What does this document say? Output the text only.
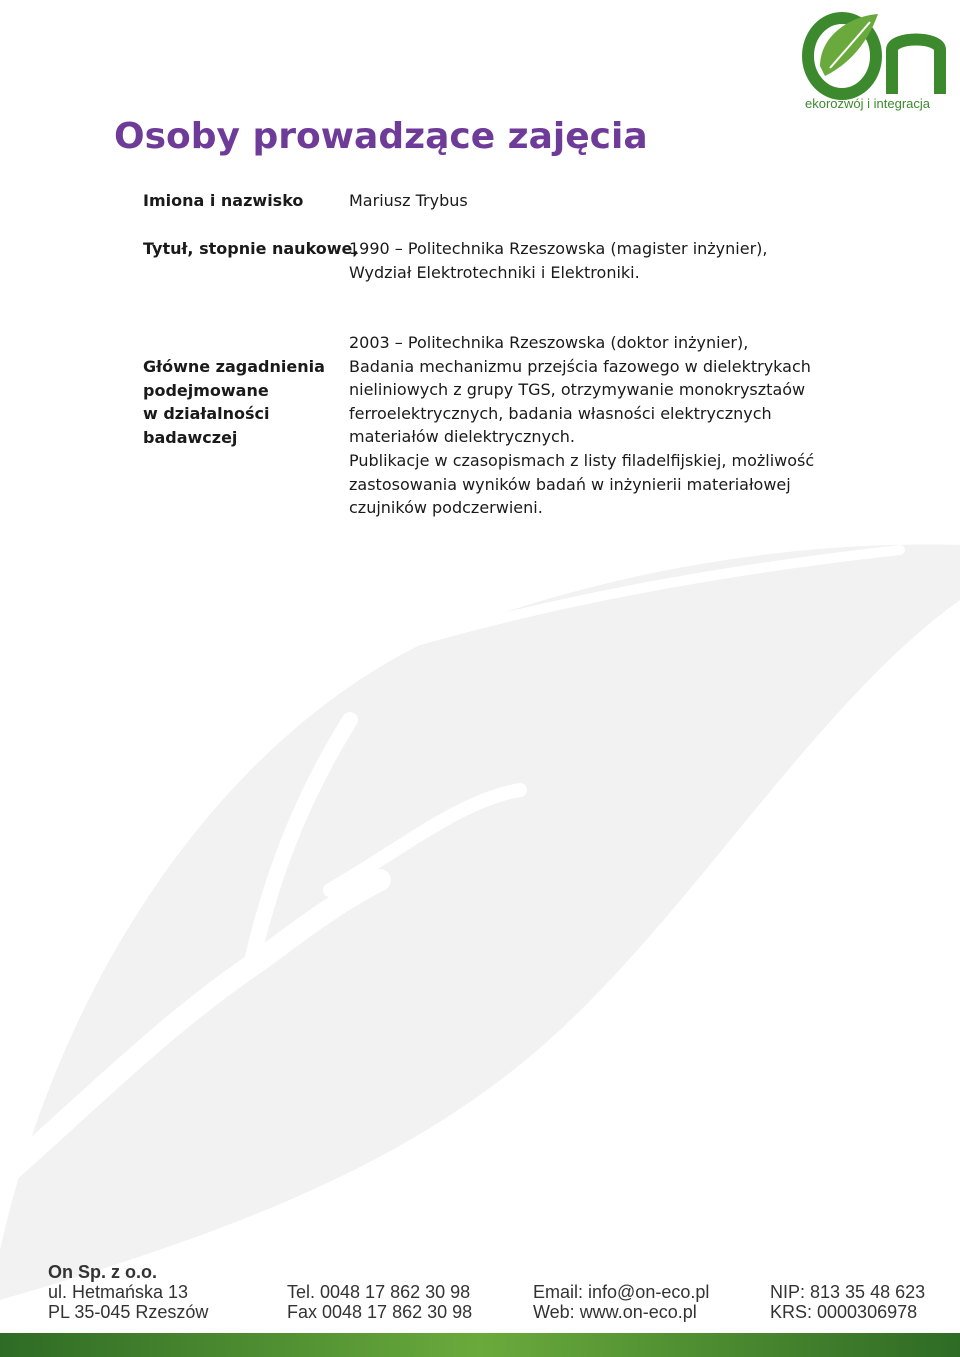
ekorozwój i integracja
Osoby prowadzące zajęcia
Imiona i nazwisko	Mariusz Trybus
Tytuł, stopnie naukowe,
1990 – Politechnika Rzeszowska (magister inżynier),
Wydział Elektrotechniki i Elektroniki.
Główne zagadnienia
podejmowane
w działalności
badawczej
2003 – Politechnika Rzeszowska (doktor inżynier),
Badania mechanizmu przejścia fazowego w dielektrykach
nieliniowych z grupy TGS, otrzymywanie monokrysztaów
ferroelektrycznych, badania własności elektrycznych
materiałów dielektrycznych.
Publikacje w czasopismach z listy filadelfijskiej, możliwość
zastosowania wyników badań w inżynierii materiałowej
czujników podczerwieni.
On Sp. z o.o.
ul. Hetmańska 13
PL 35-045 Rzeszów
Tel. 0048 17 862 30 98
Fax 0048 17 862 30 98
Email: info@on-eco.pl
Web: www.on-eco.pl
NIP: 813 35 48 623
KRS: 0000306978
